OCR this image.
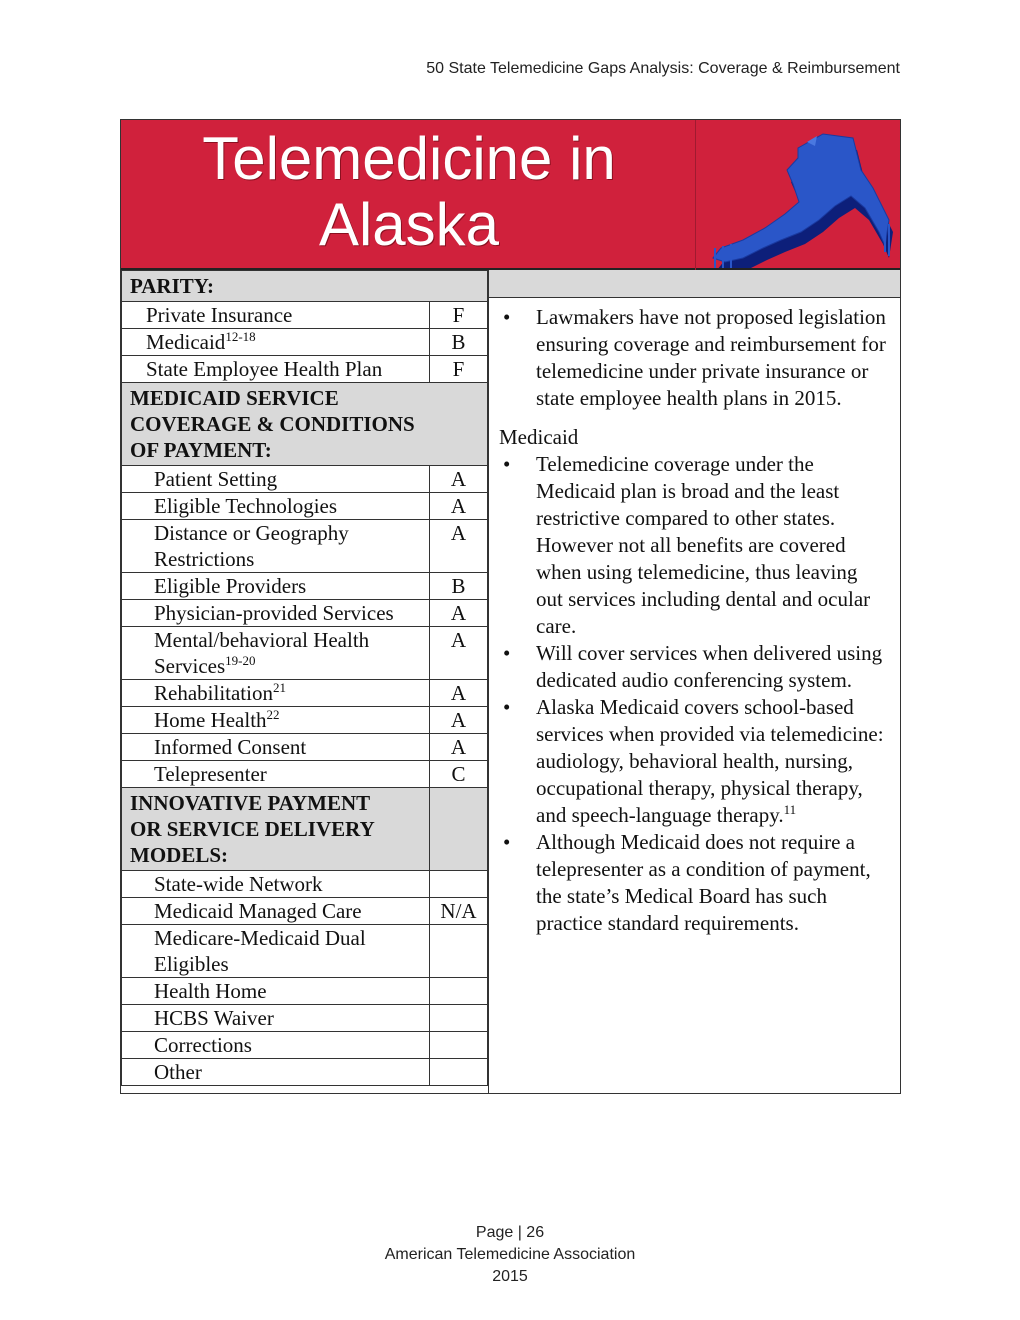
50 State Telemedicine Gaps Analysis: Coverage & Reimbursement
Telemedicine in
Alaska
PARITY:	
Private Insurance	F
Medicaid$^{12-18}$	B
State Employee Health Plan	F

MEDICAID SERVICE
COVERAGE & CONDITIONS
OF PAYMENT:	

Patient Setting	A
Eligible Technologies	A

Distance or Geography
Restrictions	A
Eligible Providers	B
Physician-provided Services	A

Mental/behavioral Health
Services$^{19-20}$	A
Rehabilitation$^{21}$	A
Home Health$^{22}$	A
Informed Consent	A
Telepresenter	C

INNOVATIVE PAYMENT
OR SERVICE DELIVERY
MODELS:	

State-wide Network	
Medicaid Managed Care	N/A

Medicare-Medicaid Dual
Eligibles	

Health Home	
HCBS Waiver	
Corrections	
Other	
•	Lawmakers have not proposed legislation ensuring coverage and reimbursement for telemedicine under private insurance or state employee health plans in 2015.
Medicaid
•	Telemedicine coverage under the Medicaid plan is broad and the least restrictive compared to other states. However not all benefits are covered when using telemedicine, thus leaving out services including dental and ocular care.
•	Will cover services when delivered using dedicated audio conferencing system.
•	Alaska Medicaid covers school-based services when provided via telemedicine: audiology, behavioral health, nursing, occupational therapy, physical therapy, and speech-language therapy.$^{11}$
•	Although Medicaid does not require a telepresenter as a condition of payment, the state’s Medical Board has such practice standard requirements.
Page | 26
American Telemedicine Association
2015
